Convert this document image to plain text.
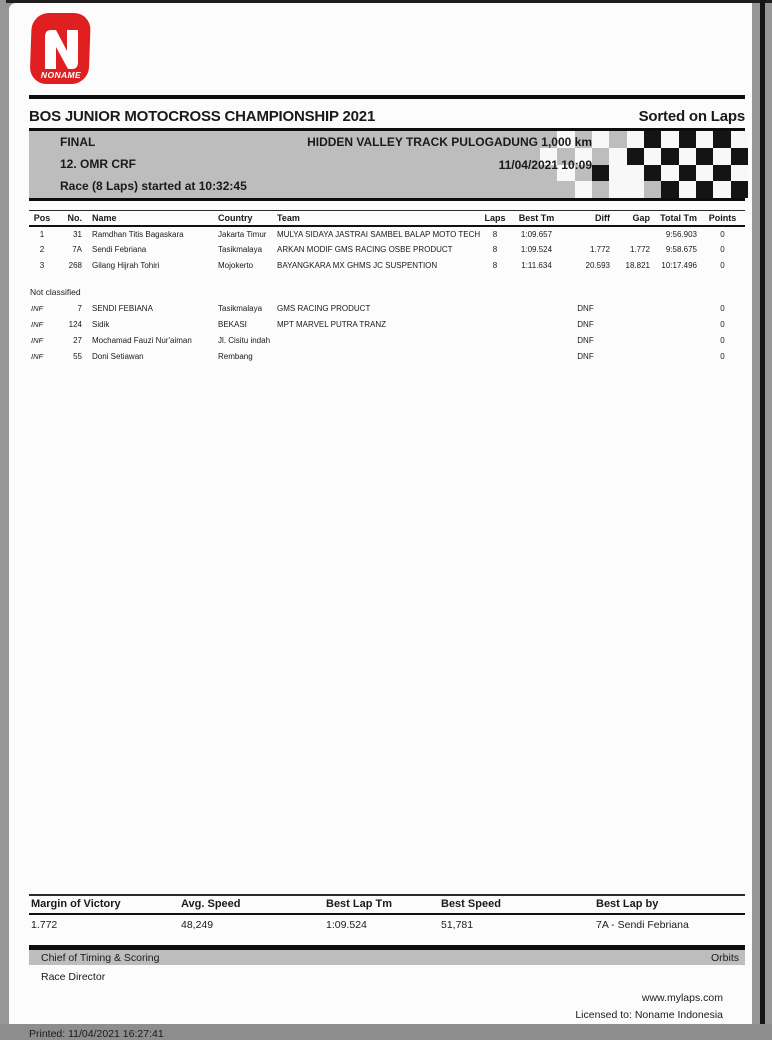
NONAME
BOS JUNIOR MOTOCROSS CHAMPIONSHIP 2021	Sorted on Laps
FINAL
12. OMR CRF
HIDDEN VALLEY TRACK PULOGADUNG 1,000 km
11/04/2021 10:09
Race (8 Laps) started at 10:32:45
Pos	No.	Name	Country	Team	Laps	Best Tm	Diff	Gap	Total Tm	Points
1	31	Ramdhan Titis Bagaskara	Jakarta Timur	MULYA SIDAYA JASTRAI SAMBEL BALAP MOTO TECH	8	1:09.657			9:56.903	0
2	7A	Sendi Febriana	Tasikmalaya	ARKAN MODIF GMS RACING OSBE PRODUCT	8	1:09.524	1.772	1.772	9:58.675	0
3	268	Gilang Hijrah Tohiri	Mojokerto	BAYANGKARA MX GHMS JC SUSPENTION	8	1:11.634	20.593	18.821	10:17.496	0
Not classified
INF	7	SENDI FEBIANA	Tasikmalaya	GMS RACING PRODUCT			DNF			0
INF	124	Sidik	BEKASI	MPT MARVEL PUTRA TRANZ			DNF			0
INF	27	Mochamad Fauzi Nur'aiman	Jl. Cisitu indah				DNF			0
INF	55	Doni Setiawan	Rembang				DNF			0
Margin of Victory	Avg. Speed	Best Lap Tm	Best Speed	Best Lap by
1.772	48,249	1:09.524	51,781	7A - Sendi Febriana
Chief of Timing & Scoring	Orbits
Race Director
www.mylaps.com
Licensed to: Noname Indonesia
Printed: 11/04/2021 16:27:41
